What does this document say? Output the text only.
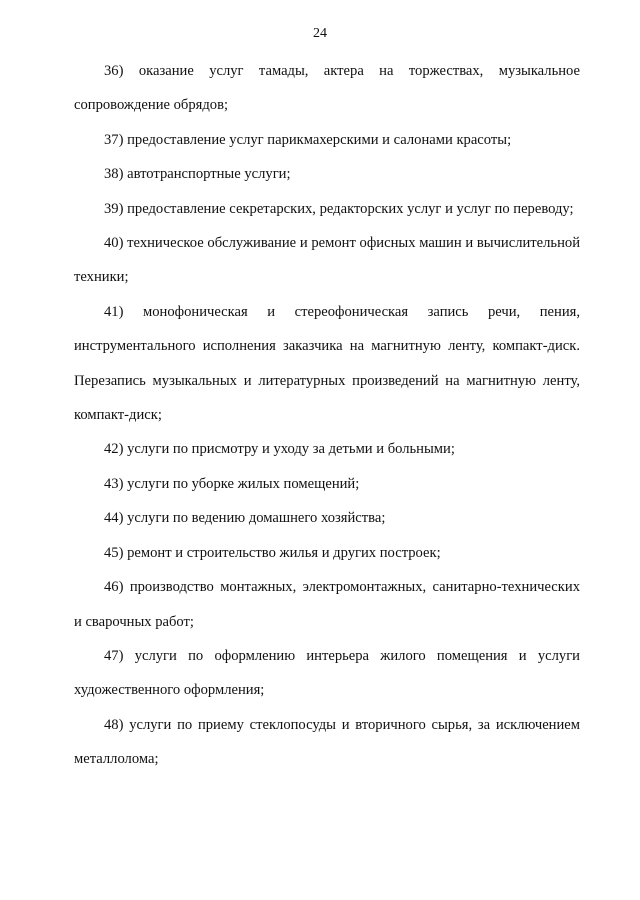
24

36) оказание услуг тамады, актера на торжествах, музыкальное сопровождение обрядов;

37) предоставление услуг парикмахерскими и салонами красоты;

38) автотранспортные услуги;

39) предоставление секретарских, редакторских услуг и услуг по переводу;

40) техническое обслуживание и ремонт офисных машин и вычислительной техники;

41) монофоническая и стереофоническая запись речи, пения, инструментального исполнения заказчика на магнитную ленту, компакт-диск. Перезапись музыкальных и литературных произведений на магнитную ленту, компакт-диск;

42) услуги по присмотру и уходу за детьми и больными;

43) услуги по уборке жилых помещений;

44) услуги по ведению домашнего хозяйства;

45) ремонт и строительство жилья и других построек;

46) производство монтажных, электромонтажных, санитарно-технических и сварочных работ;

47) услуги по оформлению интерьера жилого помещения и услуги художественного оформления;

48) услуги по приему стеклопосуды и вторичного сырья, за исключением металлолома;
